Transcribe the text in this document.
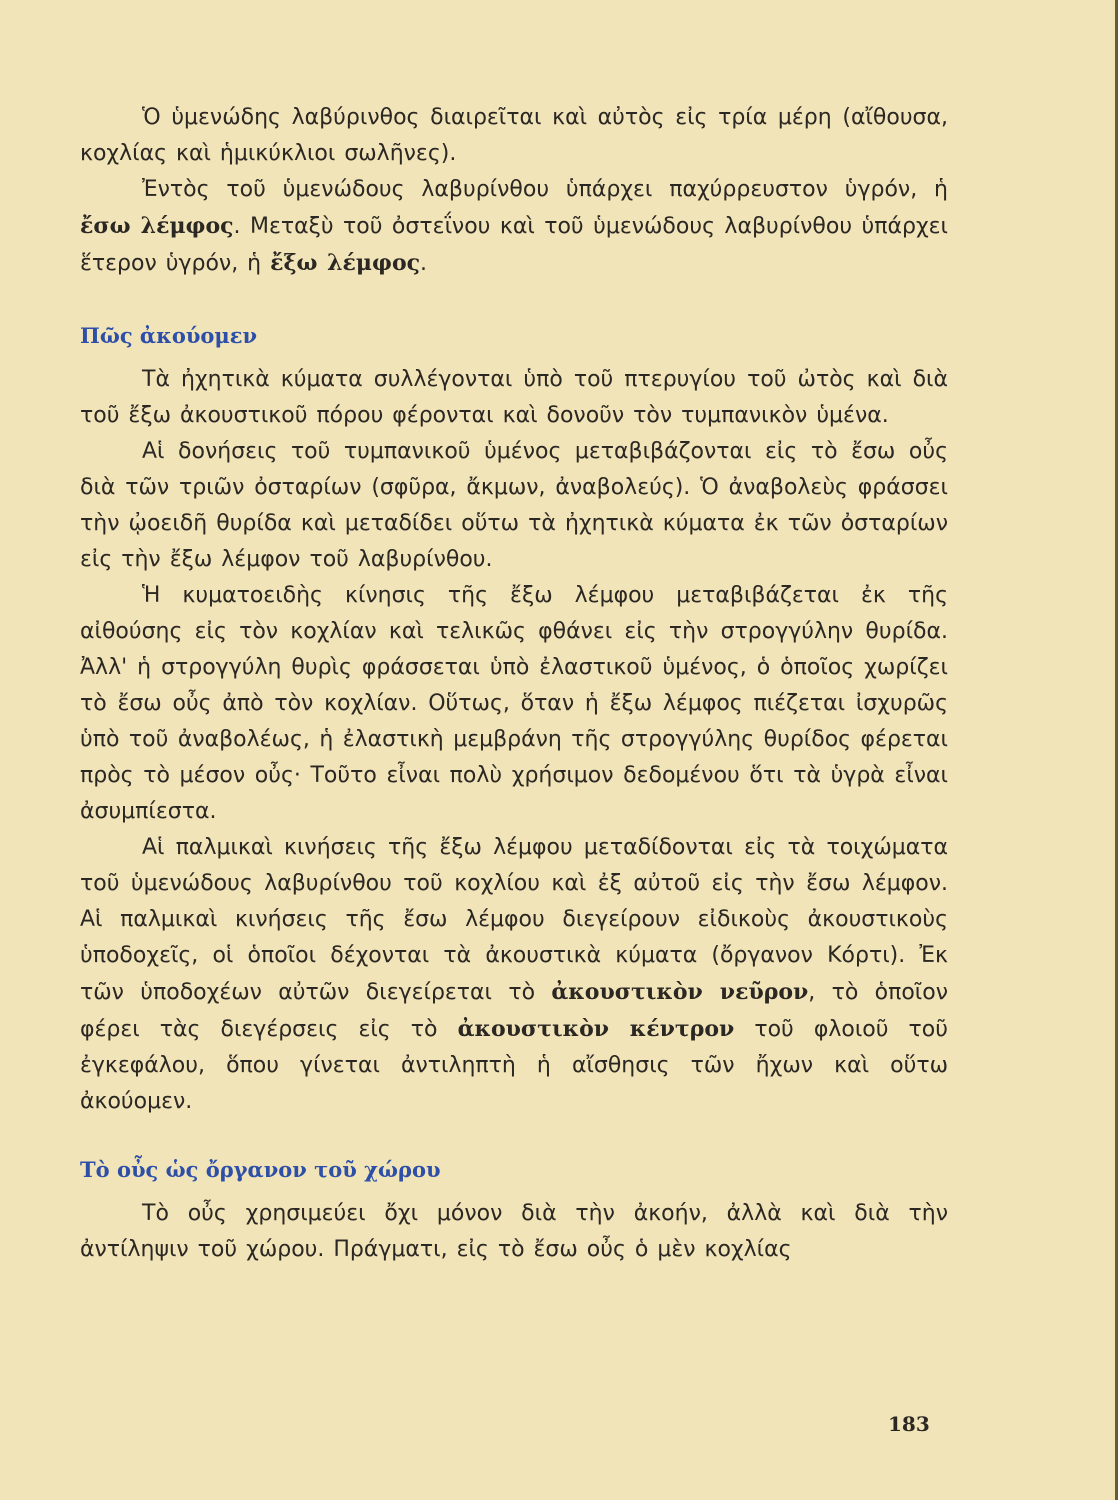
Ὁ ὑμενώδης λαβύρινθος διαιρεῖται καὶ αὐτὸς εἰς τρία μέρη (αἴθουσα, κοχλίας καὶ ἡμικύκλιοι σωλῆνες).

Ἐντὸς τοῦ ὑμενώδους λαβυρίνθου ὑπάρχει παχύρρευστον ὑγρόν, ἡ ἔσω λέμφος. Μεταξὺ τοῦ ὀστεΐνου καὶ τοῦ ὑμενώδους λαβυρίνθου ὑπάρχει ἕτερον ὑγρόν, ἡ ἔξω λέμφος.

Πῶς ἀκούομεν

Τὰ ἠχητικὰ κύματα συλλέγονται ὑπὸ τοῦ πτερυγίου τοῦ ὠτὸς καὶ διὰ τοῦ ἔξω ἀκουστικοῦ πόρου φέρονται καὶ δονοῦν τὸν τυμπανικὸν ὑμένα.

Αἱ δονήσεις τοῦ τυμπανικοῦ ὑμένος μεταβιβάζονται εἰς τὸ ἔσω οὖς διὰ τῶν τριῶν ὀσταρίων (σφῦρα, ἄκμων, ἀναβολεύς). Ὁ ἀναβολεὺς φράσσει τὴν ᾠοειδῆ θυρίδα καὶ μεταδίδει οὕτω τὰ ἠχητικὰ κύματα ἐκ τῶν ὀσταρίων εἰς τὴν ἔξω λέμφον τοῦ λαβυρίνθου.

Ἡ κυματοειδὴς κίνησις τῆς ἔξω λέμφου μεταβιβάζεται ἐκ τῆς αἰθούσης εἰς τὸν κοχλίαν καὶ τελικῶς φθάνει εἰς τὴν στρογγύλην θυρίδα. Ἀλλ' ἡ στρογγύλη θυρὶς φράσσεται ὑπὸ ἐλαστικοῦ ὑμένος, ὁ ὁποῖος χωρίζει τὸ ἔσω οὖς ἀπὸ τὸν κοχλίαν. Οὕτως, ὅταν ἡ ἔξω λέμφος πιέζεται ἰσχυρῶς ὑπὸ τοῦ ἀναβολέως, ἡ ἐλαστικὴ μεμβράνη τῆς στρογγύλης θυρίδος φέρεται πρὸς τὸ μέσον οὖς· Τοῦτο εἶναι πολὺ χρήσιμον δεδομένου ὅτι τὰ ὑγρὰ εἶναι ἀσυμπίεστα.

Αἱ παλμικαὶ κινήσεις τῆς ἔξω λέμφου μεταδίδονται εἰς τὰ τοιχώματα τοῦ ὑμενώδους λαβυρίνθου τοῦ κοχλίου καὶ ἐξ αὐτοῦ εἰς τὴν ἔσω λέμφον. Αἱ παλμικαὶ κινήσεις τῆς ἔσω λέμφου διεγείρουν εἰδικοὺς ἀκουστικοὺς ὑποδοχεῖς, οἱ ὁποῖοι δέχονται τὰ ἀκουστικὰ κύματα (ὄργανον Κόρτι). Ἐκ τῶν ὑποδοχέων αὐτῶν διεγείρεται τὸ ἀκουστικὸν νεῦρον, τὸ ὁποῖον φέρει τὰς διεγέρσεις εἰς τὸ ἀκουστικὸν κέντρον τοῦ φλοιοῦ τοῦ ἐγκεφάλου, ὅπου γίνεται ἀντιληπτὴ ἡ αἴσθησις τῶν ἤχων καὶ οὕτω ἀκούομεν.

Τὸ οὖς ὡς ὄργανον τοῦ χώρου

Τὸ οὖς χρησιμεύει ὄχι μόνον διὰ τὴν ἀκοήν, ἀλλὰ καὶ διὰ τὴν ἀντίληψιν τοῦ χώρου. Πράγματι, εἰς τὸ ἔσω οὖς ὁ μὲν κοχλίας

183
